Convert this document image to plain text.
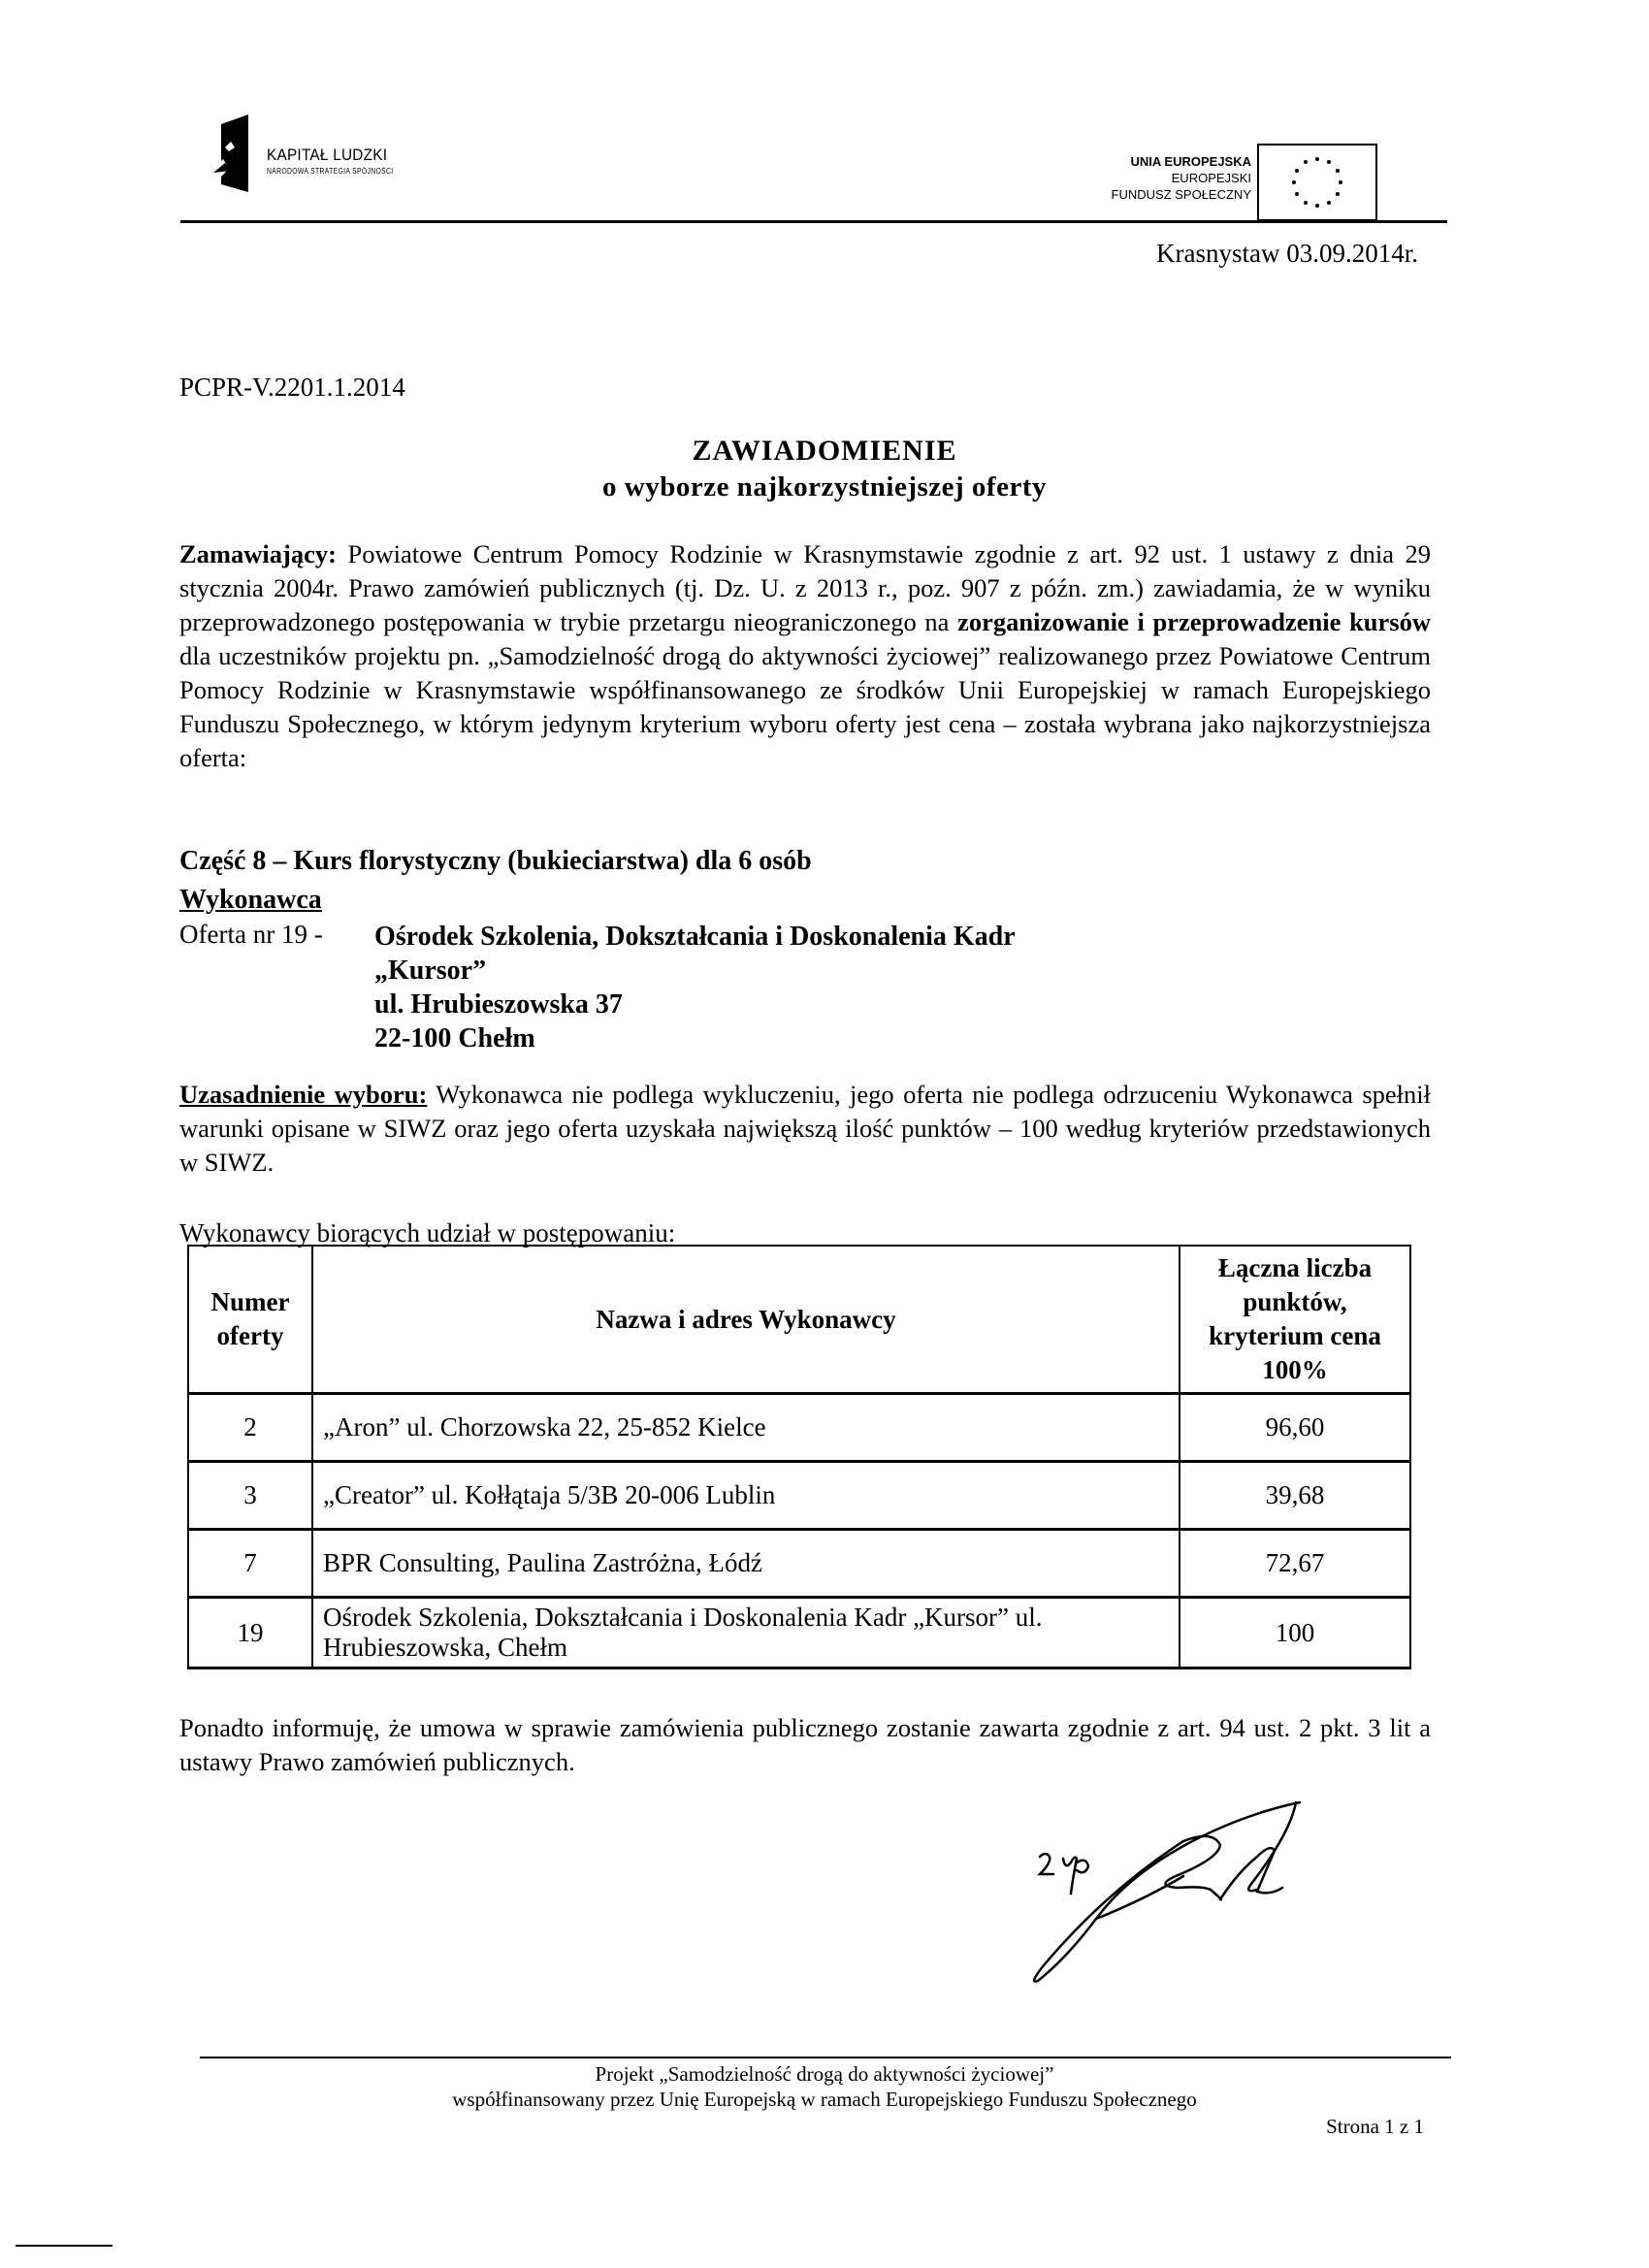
KAPITAŁ LUDZKI
NARODOWA STRATEGIA SPÓJNOŚCI
UNIA EUROPEJSKA
EUROPEJSKI
FUNDUSZ SPOŁECZNY
Krasnystaw 03.09.2014r.
PCPR-V.2201.1.2014
ZAWIADOMIENIE
o wyborze najkorzystniejszej oferty
Zamawiający: Powiatowe Centrum Pomocy Rodzinie w Krasnymstawie zgodnie z art. 92 ust. 1 ustawy z dnia 29 stycznia 2004r. Prawo zamówień publicznych (tj. Dz. U. z 2013 r., poz. 907 z późn. zm.) zawiadamia, że w wyniku przeprowadzonego postępowania w trybie przetargu nieograniczonego na zorganizowanie i przeprowadzenie kursów dla uczestników projektu pn. „Samodzielność drogą do aktywności życiowej” realizowanego przez Powiatowe Centrum Pomocy Rodzinie w Krasnymstawie współfinansowanego ze środków Unii Europejskiej w ramach Europejskiego Funduszu Społecznego, w którym jedynym kryterium wyboru oferty jest cena – została wybrana jako najkorzystniejsza oferta:
Część 8 – Kurs florystyczny (bukieciarstwa) dla 6 osób
Wykonawca
Oferta nr 19 - Ośrodek Szkolenia, Dokształcania i Doskonalenia Kadr
„Kursor”
ul. Hrubieszowska 37
22-100 Chełm
Uzasadnienie wyboru: Wykonawca nie podlega wykluczeniu, jego oferta nie podlega odrzuceniu Wykonawca spełnił warunki opisane w SIWZ oraz jego oferta uzyskała największą ilość punktów – 100 według kryteriów przedstawionych w SIWZ.
Wykonawcy biorących udział w postępowaniu:
Numer oferty	Nazwa i adres Wykonawcy	Łączna liczba punktów, kryterium cena 100%
2	„Aron” ul. Chorzowska 22, 25-852 Kielce	96,60
3	„Creator” ul. Kołłątaja 5/3B 20-006 Lublin	39,68
7	BPR Consulting, Paulina Zastróżna, Łódź	72,67
19	Ośrodek Szkolenia, Dokształcania i Doskonalenia Kadr „Kursor” ul. Hrubieszowska, Chełm	100
Ponadto informuję, że umowa w sprawie zamówienia publicznego zostanie zawarta zgodnie z art. 94 ust. 2 pkt. 3 lit a ustawy Prawo zamówień publicznych.
Projekt „Samodzielność drogą do aktywności życiowej”
współfinansowany przez Unię Europejską w ramach Europejskiego Funduszu Społecznego
Strona 1 z 1
